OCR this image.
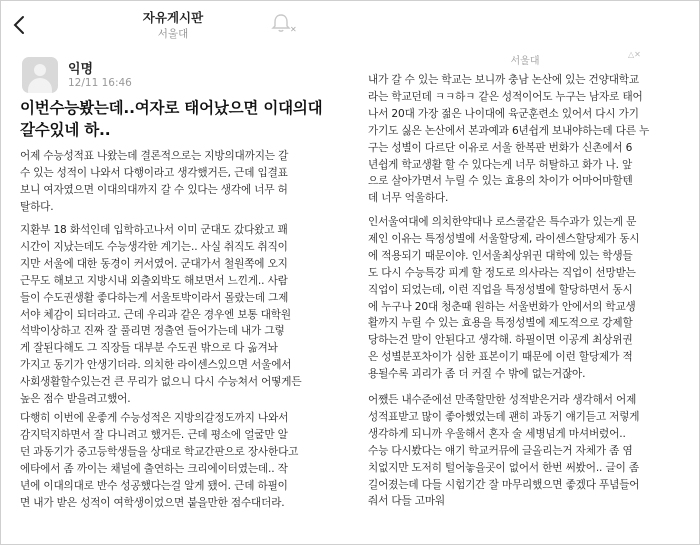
자유게시판
서울대	✕
익명
12/11 16:46
이번수능봤는데..여자로 태어났으면 이대의대
갈수있네 하..
어제 수능성적표 나왔는데 결론적으로는 지방의대까지는 갈
수 있는 성적이 나와서 다행이라고 생각했거든, 근데 입결표
보니 여자였으면 이대의대까지 갈 수 있다는 생각에 너무 허
탈하다.
지환부 18 화석인데 입학하고나서 이미 군대도 갔다왔고 꽤
시간이 지났는데도 수능생각한 계기는.. 사실 취직도 취직이
지만 서울에 대한 동경이 커서였어. 군대가서 철원쪽에 오지
근무도 해보고 지방시내 외출외박도 해보면서 느낀게.. 사람
들이 수도권생활 좋다하는게 서울토박이라서 몰랐는데 그제
서야 체감이 되더라고. 근데 우리과 같은 경우엔 보통 대학원
석박이상하고 진짜 잘 풀리면 정출연 들어가는데 내가 그렇
게 잘된다해도 그 직장들 대부분 수도권 밖으로 다 옮겨놔
가지고 동기가 안생기더라. 의치한 라이센스있으면 서울에서
사회생활할수있는건 큰 무리가 없으니 다시 수능쳐서 어떻게든
높은 점수 받을려고했어.
다행히 이번에 운좋게 수능성적은 지방의갈정도까지 나와서
감지덕지하면서 잘 다니려고 했거든. 근데 평소에 얼굴만 알
던 과동기가 중고등학생들을 상대로 학교간판으로 장사한다고
에타에서 좀 까이는 채널에 출연하는 크리에이터였는데.. 작
년에 이대의대로 반수 성공했다는걸 알게 됐어. 근데 하필이
면 내가 받은 성적이 여학생이었으면 붙을만한 점수대더라.
서울대
△✕
내가 갈 수 있는 학교는 보니까 충남 논산에 있는 건양대학교
라는 학교던데 ㅋㅋ하ㅋ 같은 성적이어도 누구는 남자로 태어
나서 20대 가장 젊은 나이대에 육군훈련소 있어서 다시 가기
가기도 싫은 논산에서 본과예과 6년쉽게 보내야하는데 다른 누
구는 성별이 다르단 이유로 서울 한복판 번화가 신촌에서 6
년쉽게 학교생활 할 수 있다는게 너무 허탈하고 화가 나. 앞
으로 살아가면서 누릴 수 있는 효용의 차이가 어마어마할텐
데 너무 억울하다.
인서울여대에 의치한약대나 로스쿨같은 특수과가 있는게 문
제인 이유는 특정성별에 서울할당제, 라이센스할당제가 동시
에 적용되기 때문이야. 인서울최상위권 대학에 있는 학생들
도 다시 수능특강 피게 할 정도로 의사라는 직업이 선망받는
직업이 되었는데, 이런 직업을 특정성별에 할당하면서 동시
에 누구나 20대 청춘때 원하는 서울번화가 안에서의 학교생
활까지 누릴 수 있는 효용을 특정성별에 제도적으로 강제할
당하는건 말이 안된다고 생각해. 하필이면 이공계 최상위권
은 성별분포차이가 심한 표본이기 때문에 이런 할당제가 적
용될수록 괴리가 좀 더 커질 수 밖에 없는거잖아.
어쨌든 내수준에선 만족할만한 성적받은거라 생각해서 어제
성적표받고 많이 좋아했었는데 괜히 과동기 얘기듣고 저렇게
생각하게 되니까 우울해서 혼자 술 세병넘게 마셔버렸어..
수능 다시봤다는 얘기 학교커뮤에 글올리는거 자체가 좀 염
치없지만 도저히 털어놓을곳이 없어서 한번 써봤어.. 글이 좀
길어졌는데 다들 시험기간 잘 마무리했으면 좋겠다 푸념들어
줘서 다들 고마워
